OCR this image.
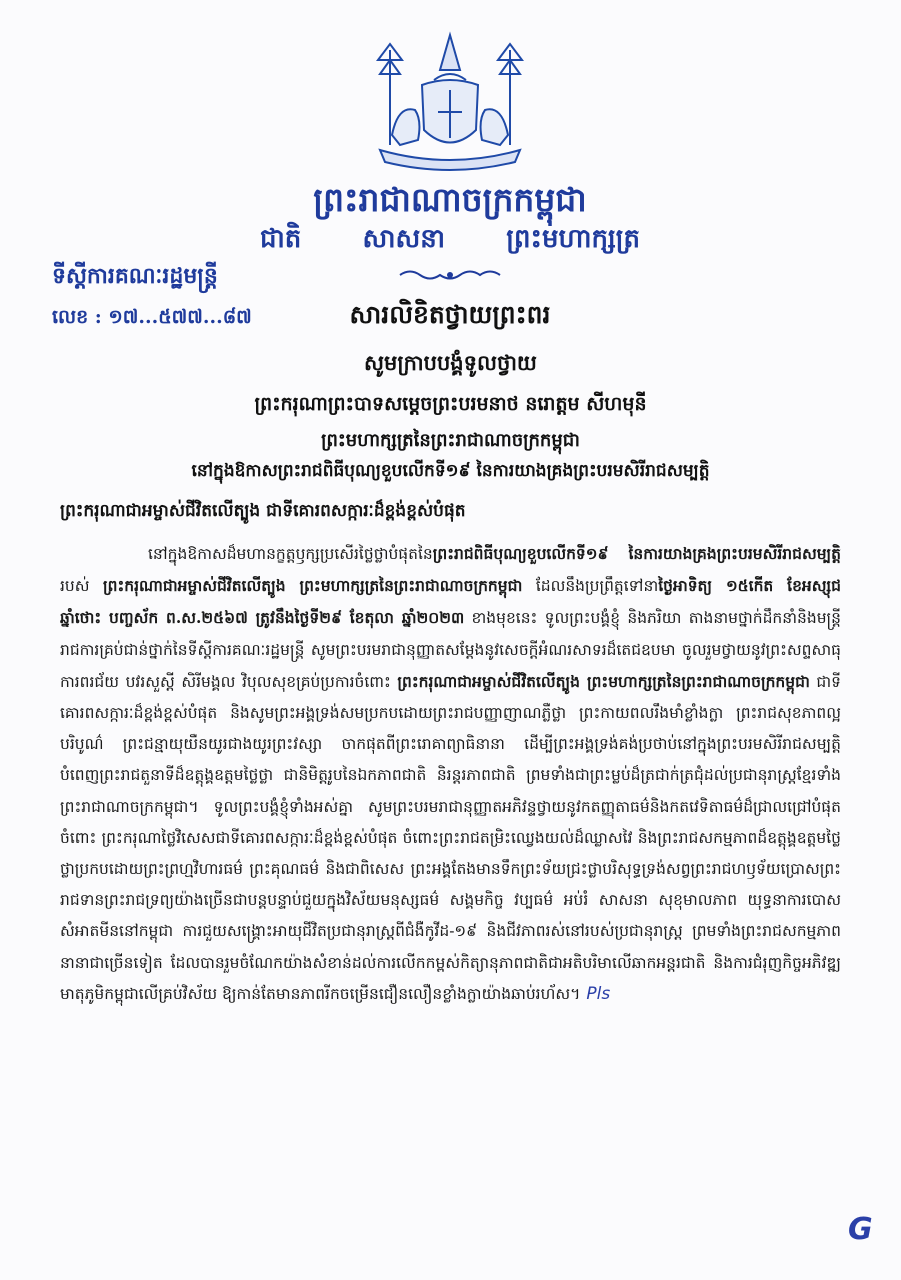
ព្រះរាជាណាចក្រកម្ពុជា
ជាតិ សាសនា ព្រះមហាក្សត្រ
ទីស្តីការគណៈរដ្ឋមន្ត្រី
លេខ : ១៧...៥៧៧...៨៧	សារលិខិតថ្វាយព្រះពរ
សូមក្រាបបង្គំទូលថ្វាយ
ព្រះករុណាព្រះបាទសម្តេចព្រះបរមនាថ នរោត្តម សីហមុនី
ព្រះមហាក្សត្រនៃព្រះរាជាណាចក្រកម្ពុជា
នៅក្នុងឱកាសព្រះរាជពិធីបុណ្យខួបលើកទី១៩ នៃការយាងគ្រងព្រះបរមសិរីរាជសម្បត្តិ
ព្រះករុណាជាអម្ចាស់ជីវិតលើត្បូង ជាទីគោរពសក្ការៈដ៏ខ្ពង់ខ្ពស់បំផុត
នៅក្នុងឱកាសដ៏មហានក្ខត្តឫក្សប្រសើរថ្លៃថ្លាបំផុតនៃព្រះរាជពិធីបុណ្យខួបលើកទី១៩ នៃការយាងគ្រងព្រះបរមសិរីរាជសម្បត្តិ របស់ ព្រះករុណាជាអម្ចាស់ជីវិតលើត្បូង ព្រះមហាក្សត្រនៃព្រះរាជាណាចក្រកម្ពុជា ដែលនឹងប្រព្រឹត្តទៅនាថ្ងៃអាទិត្យ ១៥កើត ខែអស្សុជ ឆ្នាំថោះ បញ្ចស័ក ព.ស.២៥៦៧ ត្រូវនឹងថ្ងៃទី២៩ ខែតុលា ឆ្នាំ២០២៣ ខាងមុខនេះ ទូលព្រះបង្គំខ្ញុំ និងភរិយា តាងនាមថ្នាក់ដឹកនាំនិងមន្ត្រីរាជការគ្រប់ជាន់ថ្នាក់នៃទីស្តីការគណៈរដ្ឋមន្ត្រី សូមព្រះបរមរាជានុញ្ញាតសម្តែងនូវសេចក្តីអំណរសាទរដ៏តេជឧបមា ចូលរួមថ្វាយនូវព្រះសព្ទសាធុការពរជ័យ បវរសួស្តី សិរីមង្គល វិបុលសុខគ្រប់ប្រការចំពោះ ព្រះករុណាជាអម្ចាស់ជីវិតលើត្បូង ព្រះមហាក្សត្រនៃព្រះរាជាណាចក្រកម្ពុជា ជាទីគោរពសក្ការៈដ៏ខ្ពង់ខ្ពស់បំផុត និងសូមព្រះអង្គទ្រង់សមប្រកបដោយព្រះរាជបញ្ញាញាណភ្លឺថ្លា ព្រះកាយពលរឹងមាំខ្លាំងក្លា ព្រះរាជសុខភាពល្អបរិបូណ៌ ព្រះជន្មាយុយឺនយូរជាងយូរព្រះវស្សា ចាកផុតពីព្រះរោគាព្យាធិនានា ដើម្បីព្រះអង្គទ្រង់គង់ប្រថាប់នៅក្នុងព្រះបរមសិរីរាជសម្បត្តិ បំពេញព្រះរាជតួនាទីដ៏ឧត្តុង្គឧត្តមថ្លៃថ្លា ជានិមិត្តរូបនៃឯកភាពជាតិ និរន្តរភាពជាតិ ព្រមទាំងជាព្រះម្លប់ដ៏ត្រជាក់ត្រជុំដល់ប្រជានុរាស្ត្រខ្មែរទាំងព្រះរាជាណាចក្រកម្ពុជា។ ទូលព្រះបង្គំខ្ញុំទាំងអស់គ្នា សូមព្រះបរមរាជានុញ្ញាតអភិវន្ទថ្វាយនូវកតញ្ញុតាធម៌និងកតវេទិតាធម៌ដ៏ជ្រាលជ្រៅបំផុតចំពោះ ព្រះករុណាថ្លៃវិសេសជាទីគោរពសក្ការៈដ៏ខ្ពង់ខ្ពស់បំផុត ចំពោះព្រះរាជតម្រិះឈ្វេងយល់ដ៏ឈ្លាសវៃ និងព្រះរាជសកម្មភាពដ៏ឧត្តុង្គឧត្តមថ្លៃថ្លាប្រកបដោយព្រះព្រហ្មវិហារធម៌ ព្រះគុណធម៌ និងជាពិសេស ព្រះអង្គតែងមានទឹកព្រះទ័យជ្រះថ្លាបរិសុទ្ធទ្រង់សព្វព្រះរាជហឫទ័យប្រោសព្រះរាជទានព្រះរាជទ្រព្យយ៉ាងច្រើនជាបន្តបន្ទាប់ជួយក្នុងវិស័យមនុស្សធម៌ សង្គមកិច្ច វប្បធម៌ អប់រំ សាសនា សុខុមាលភាព យុទ្ធនាការបោសសំអាតមីននៅកម្ពុជា ការជួយសង្គ្រោះអាយុជីវិតប្រជានុរាស្ត្រពីជំងឺកូវីដ-១៩ និងជីវភាពរស់នៅរបស់ប្រជានុរាស្ត្រ ព្រមទាំងព្រះរាជសកម្មភាពនានាជាច្រើនទៀត ដែលបានរួមចំណែកយ៉ាងសំខាន់ដល់ការលើកកម្ពស់កិត្យានុភាពជាតិជាអតិបរិមាលើឆាកអន្តរជាតិ និងការជំរុញកិច្ចអភិវឌ្ឍមាតុភូមិកម្ពុជាលើគ្រប់វិស័យ ឱ្យកាន់តែមានភាពរីកចម្រើនជឿនលឿនខ្លាំងក្លាយ៉ាងឆាប់រហ័ស។ Pls
G
